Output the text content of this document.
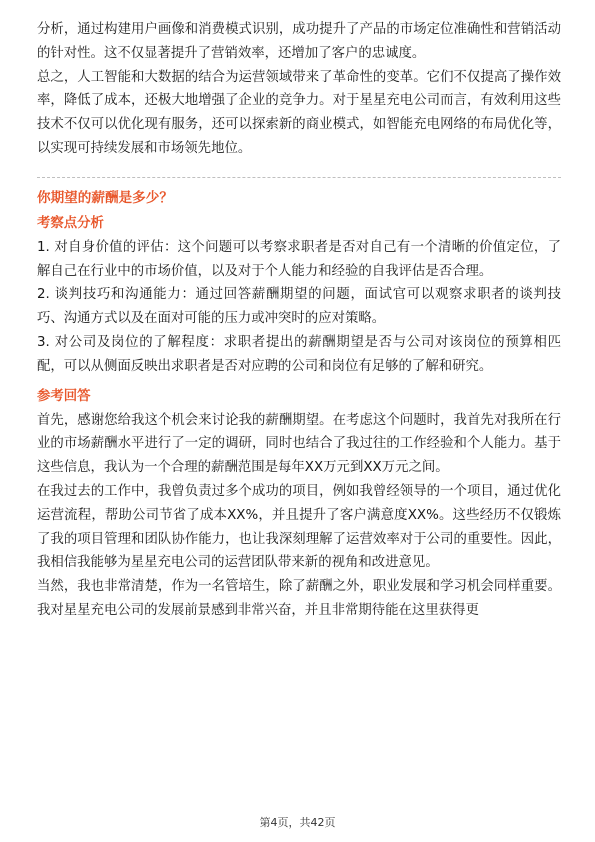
分析，通过构建用户画像和消费模式识别，成功提升了产品的市场定位准确性和营销活动的针对性。这不仅显著提升了营销效率，还增加了客户的忠诚度。

总之，人工智能和大数据的结合为运营领域带来了革命性的变革。它们不仅提高了操作效率，降低了成本，还极大地增强了企业的竞争力。对于星星充电公司而言，有效利用这些技术不仅可以优化现有服务，还可以探索新的商业模式，如智能充电网络的布局优化等，以实现可持续发展和市场领先地位。

你期望的薪酬是多少？

考察点分析

1. 对自身价值的评估：这个问题可以考察求职者是否对自己有一个清晰的价值定位，了解自己在行业中的市场价值，以及对于个人能力和经验的自我评估是否合理。

2. 谈判技巧和沟通能力：通过回答薪酬期望的问题，面试官可以观察求职者的谈判技巧、沟通方式以及在面对可能的压力或冲突时的应对策略。

3. 对公司及岗位的了解程度：求职者提出的薪酬期望是否与公司对该岗位的预算相匹配，可以从侧面反映出求职者是否对应聘的公司和岗位有足够的了解和研究。

参考回答

首先，感谢您给我这个机会来讨论我的薪酬期望。在考虑这个问题时，我首先对我所在行业的市场薪酬水平进行了一定的调研，同时也结合了我过往的工作经验和个人能力。基于这些信息，我认为一个合理的薪酬范围是每年XX万元到XX万元之间。

在我过去的工作中，我曾负责过多个成功的项目，例如我曾经领导的一个项目，通过优化运营流程，帮助公司节省了成本XX%，并且提升了客户满意度XX%。这些经历不仅锻炼了我的项目管理和团队协作能力，也让我深刻理解了运营效率对于公司的重要性。因此，我相信我能够为星星充电公司的运营团队带来新的视角和改进意见。

当然，我也非常清楚，作为一名管培生，除了薪酬之外，职业发展和学习机会同样重要。我对星星充电公司的发展前景感到非常兴奋，并且非常期待能在这里获得更

第4页，共42页
